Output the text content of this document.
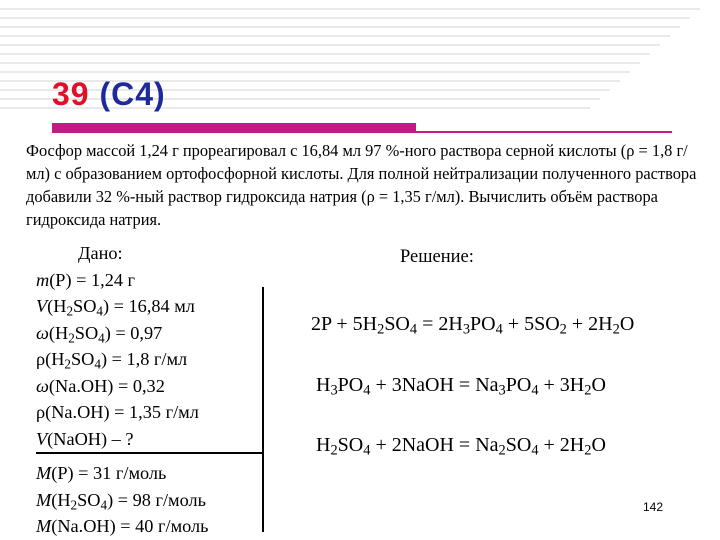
39 (C4)
Фосфор массой 1,24 г прореагировал с 16,84 мл 97 %-ного раствора серной кислоты (ρ = 1,8 г/мл) с образованием ортофосфорной кислоты. Для полной нейтрализации полученного раствора добавили 32 %-ный раствор гидроксида натрия (ρ = 1,35 г/мл). Вычислить объём раствора гидроксида натрия.
Дано:
m(P) = 1,24 г
$V(H_2SO_4) = 16,84$ мл
$\omega(H_2SO_4) = 0,97$
$\rho(H_2SO_4) = 1,8$ г/мл
ω(Na.OH) = 0,32
ρ(Na.OH) = 1,35 г/мл
V(NaOH) – ?
M(P) = 31 г/моль
$M(H_2SO_4) = 98$ г/моль
M(Na.OH) = 40 г/моль
Решение:
$2P + 5H_2SO_4 = 2H_3PO_4 + 5SO_2 + 2H_2O$
$H_3PO_4$ + 3NaOH = $Na_3PO_4 + 3H_2O$
$H_2SO_4$ + 2NaOH = $Na_2SO_4 + 2H_2O$
142
